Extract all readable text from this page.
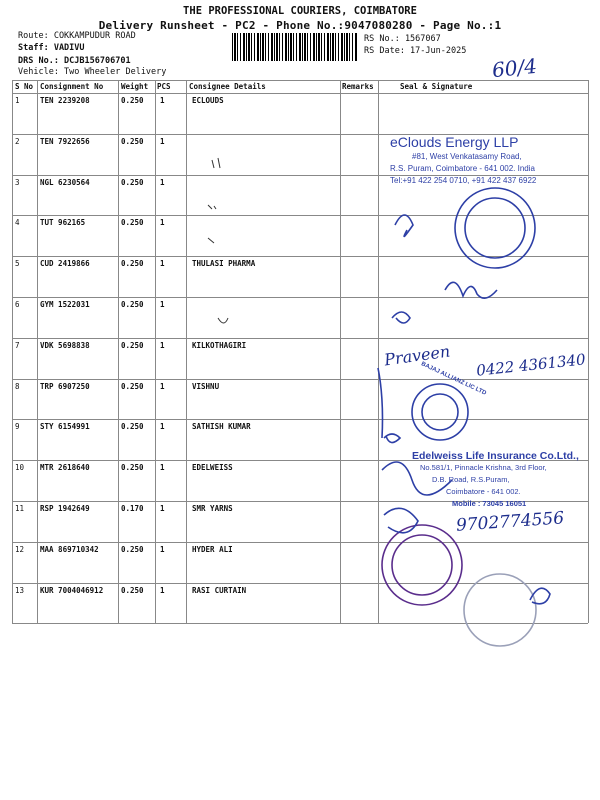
THE PROFESSIONAL COURIERS, COIMBATORE
Delivery Runsheet - PC2 - Phone No.:9047080280 - Page No.:1
Route: COKKAMPUDUR ROAD
Staff: VADIVU
DRS No.: DCJB156706701
Vehicle: Two Wheeler Delivery
RS No.: 1567067
RS Date: 17-Jun-2025
60/4
S No Consignment No Weight PCS Consignee Details	Remarks	Seal & Signature
1	TEN 2239208	0.250 1	ECLOUDS
2	TEN 7922656	0.250 1
3	NGL 6230564	0.250 1
4	TUT 962165	0.250 1
5	CUD 2419866	0.250 1	THULASI PHARMA
6	GYM 1522031	0.250 1
7	VDK 5698838	0.250 1	KILKOTHAGIRI
8	TRP 6907250	0.250 1	VISHNU
9	STY 6154991	0.250 1	SATHISH KUMAR
10 MTR 2618640	0.250 1	EDELWEISS
11 RSP 1942649	0.170 1	SMR YARNS
12 MAA 869710342	0.250 1	HYDER ALI
13 KUR 7004046912 0.250 1	RASI CURTAIN
eClouds Energy LLP
#81, West Venkatasamy Road,
R.S. Puram, Coimbatore - 641 002. India
Tel:+91 422 254 0710, +91 422 437 6922
Edelweiss Life Insurance Co.Ltd.,
No.581/1, Pinnacle Krishna, 3rd Floor,
D.B. Road, R.S.Puram,
Coimbatore - 641 002.
Mobile : 73045 16051
BAJAJ ALLIANZ LIC LTD
Praveen 0422 4361340
9702774556
